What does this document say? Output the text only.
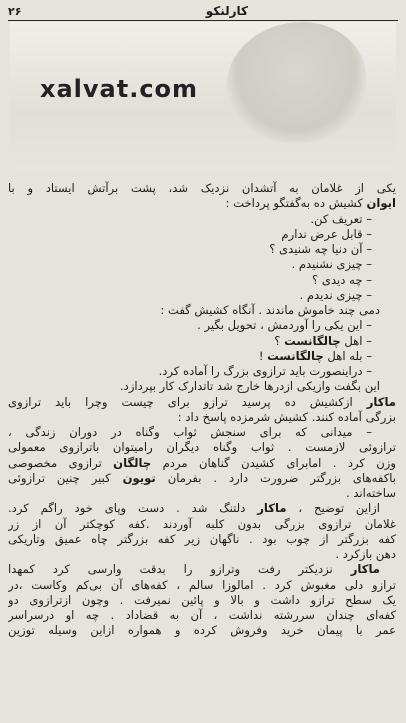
۲۶	کارلنکو
xalvat.com
یکی از غلامان به آتشدان نزدیک شد، پشت برآتش ایستاد و با
ایوان کشیش ده به‌گفتگو پرداخت :
– تعریف کن.
– قابل عرض ندارم
– آن دنیا چه شنیدی ؟
– چیزی نشنیدم .
– چه دیدی ؟
– چیزی ندیدم .
دمی چند خاموش ماندند . آنگاه کشیش گفت :
– این یکی را آوردمش ، تحویل بگیر .
– اهل چالگانست ؟
– بله اهل چالگانست !
– دراینصورت باید ترازوی بزرگ را آماده کرد.
این بگفت وازیکی ازدرها خارج شد تاتدارک کار بپردازد.
ماکار ازکشیش ده پرسید ترازو برای چیست وچرا باید ترازوی
بزرگی آماده کنند. کشیش شرمزده پاسخ داد :
– میدانی که برای سنجش ثواب وگناه در دوران زندگی ،
ترازوئی لازمست . ثواب وگناه دیگران رامیتوان باترازوی معمولی
وزن کرد . امابرای کشیدن گناهان مردم چالگان ترازوی مخصوصی
باکفه‌های بزرگتر ضرورت دارد . بفرمان تویون کبیر چنین ترازوئی
ساخته‌اند .
ازاین توضیح ، ماکار دلتنگ شد . دست وپای خود راگم کرد.
غلامان ترازوی بزرگی بدون کلبه آوردند .کفه کوچکتر آن از زر
کفه بزرگتر از چوب بود . ناگهان زیر کفه بزرگتر چاه عمیق وتاریکی
دهن بازکرد .
ماکار نزدیکتر رفت وترازو را بدقت وارسی کرد کمهدا
ترازو دلی مغبوش کرد . امالوزا سالم ، کفه‌های آن بی‌کم وکاست ،در
یک سطح ترازو داشت و بالا و پائین نمیرفت . وچون ازترازوی دو
کفه‌ای چندان سررشته نداشت ، آن به قضاداد . چه او درسراسر
عمر با پیمان خرید وفروش کرده و همواره ازاین وسیله توزین
